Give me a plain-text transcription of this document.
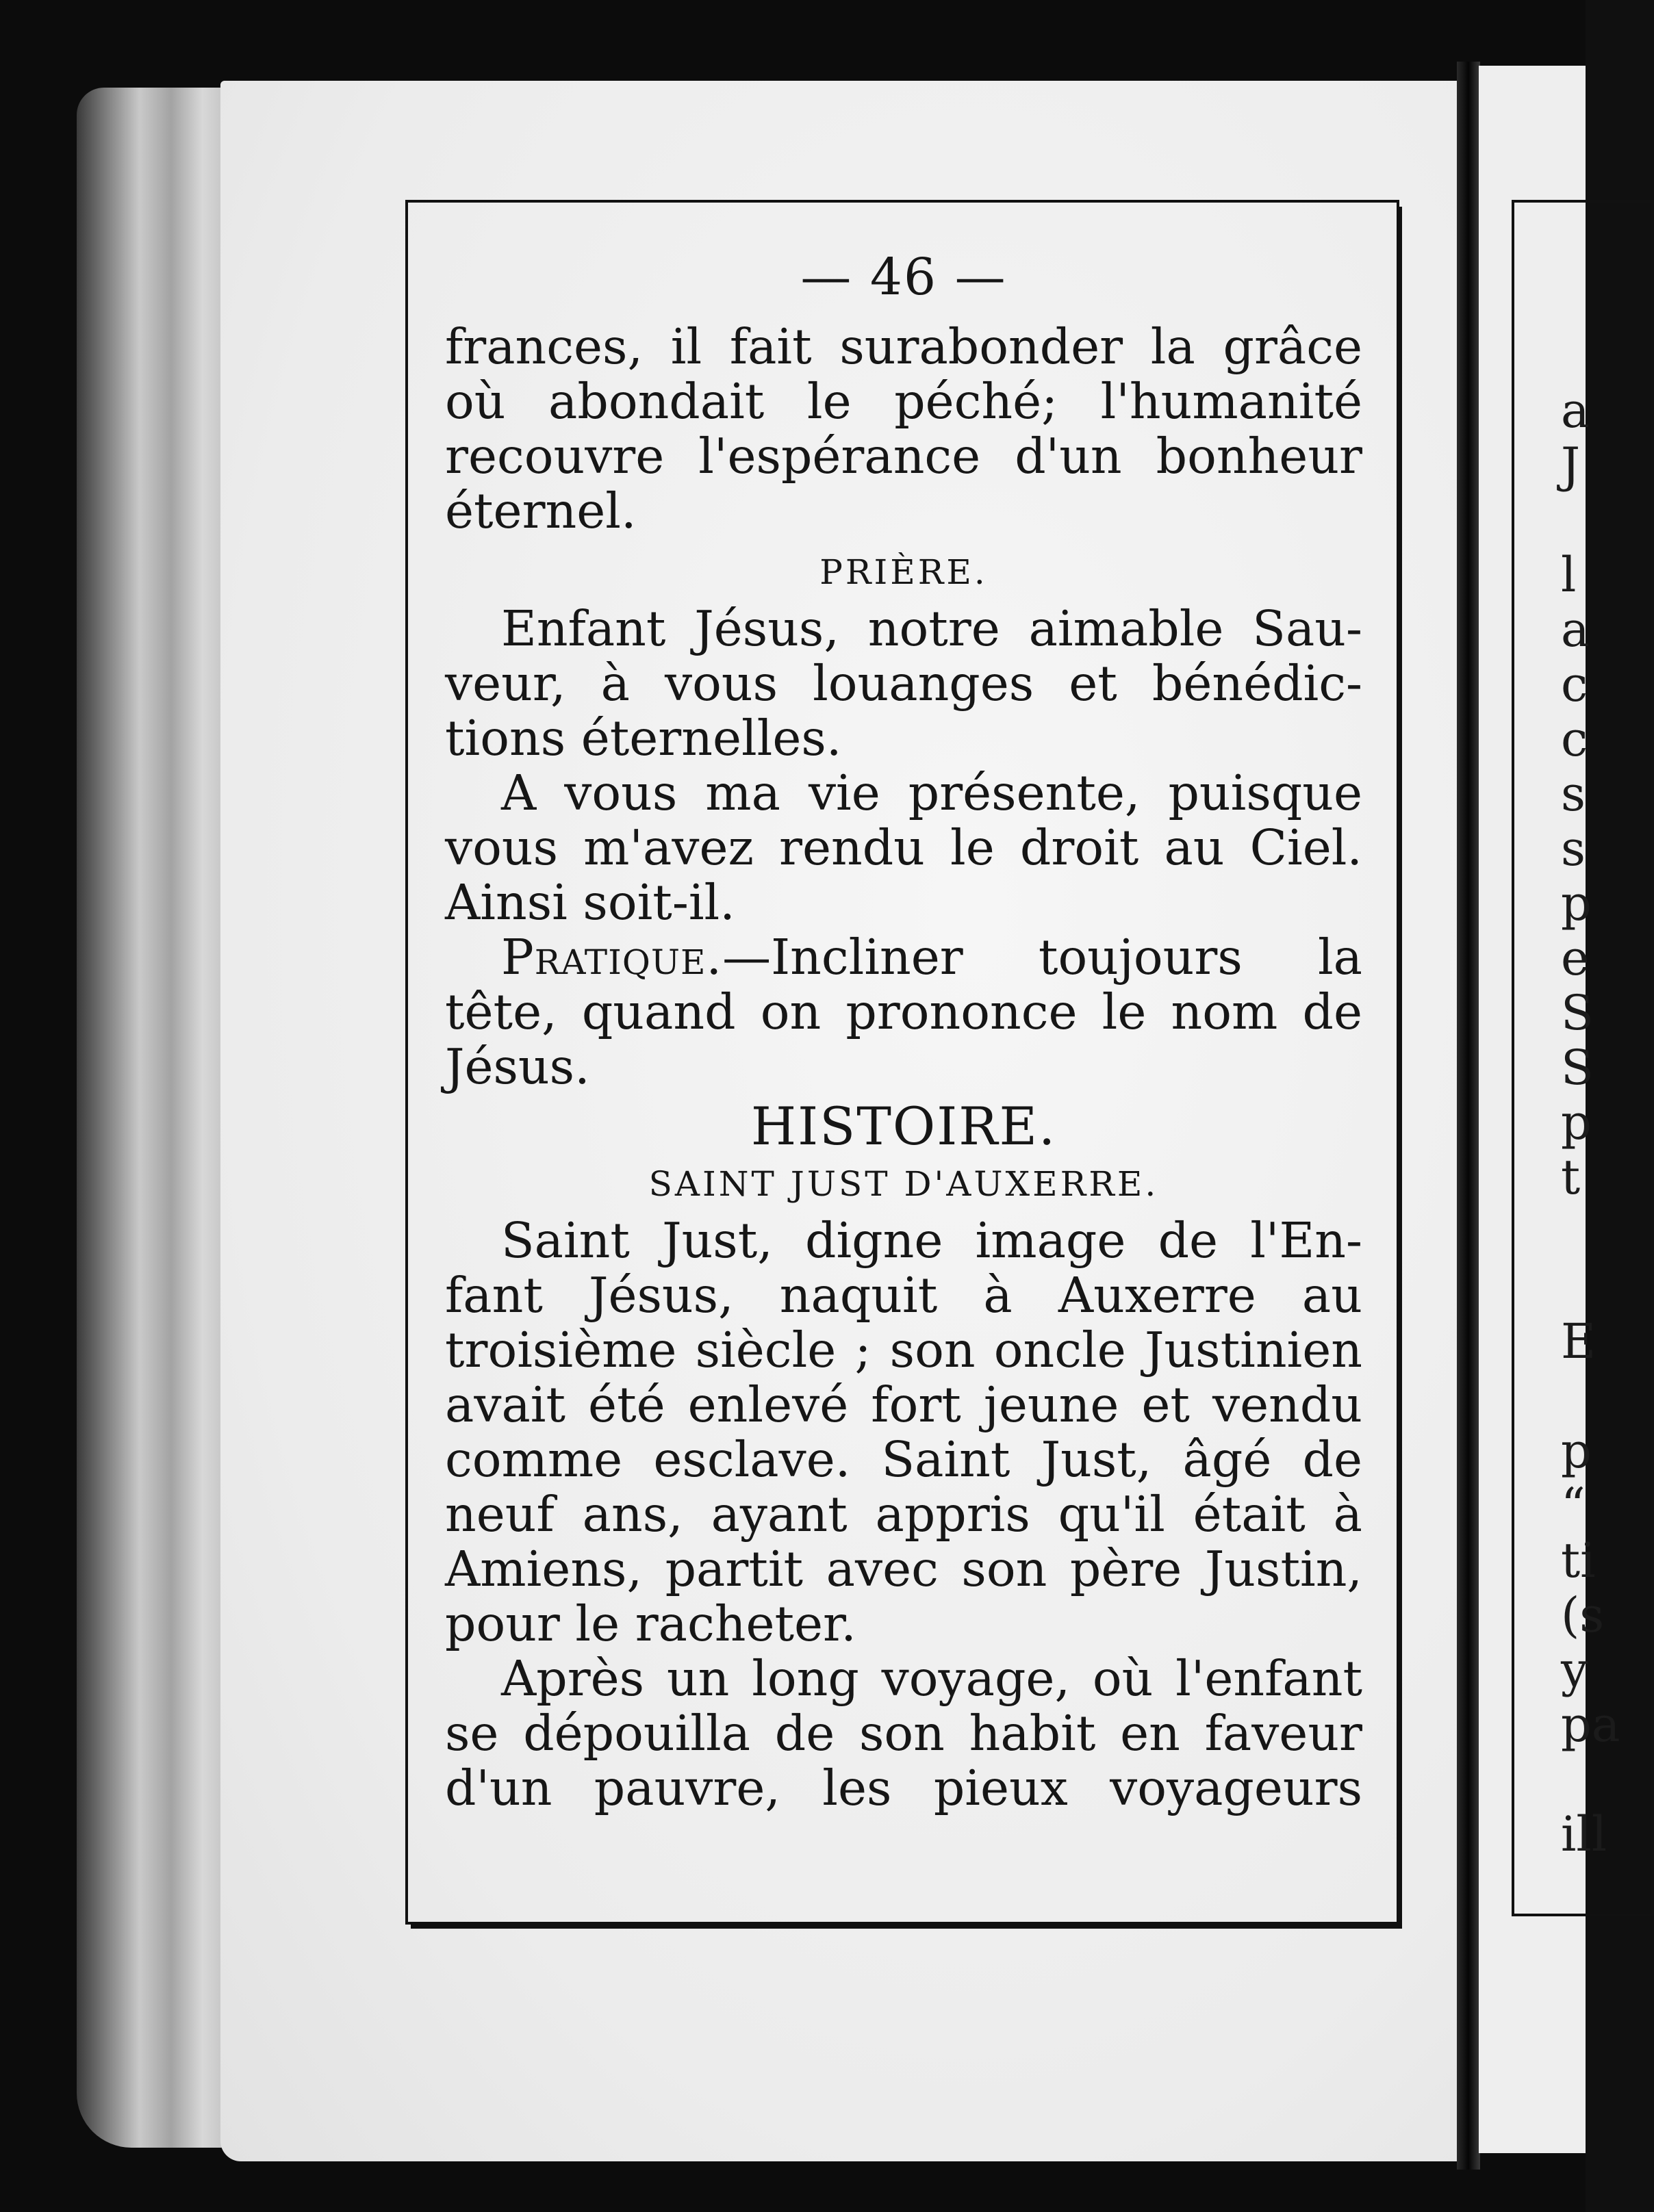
— 46 —
frances, il fait surabonder la grâce
où abondait le péché; l'humanité
recouvre l'espérance d'un bonheur
éternel.
PRIÈRE.
Enfant Jésus, notre aimable Sau-
veur, à vous louanges et bénédic-
tions éternelles.
A vous ma vie présente, puisque
vous m'avez rendu le droit au Ciel.
Ainsi soit-il.
Pratique.—Incliner toujours la
tête, quand on prononce le nom de
Jésus.
HISTOIRE.
SAINT JUST D'AUXERRE.
Saint Just, digne image de l'En-
fant Jésus, naquit à Auxerre au
troisième siècle ; son oncle Justinien
avait été enlevé fort jeune et vendu
comme esclave. Saint Just, âgé de
neuf ans, ayant appris qu'il était à
Amiens, partit avec son père Justin,
pour le racheter.
Après un long voyage, où l'enfant
se dépouilla de son habit en faveur
d'un pauvre, les pieux voyageurs
a
J
l
a
c
c
s
s
p
e
S
S
p
t
E
p
“
ti
(s
y
pa
ill
